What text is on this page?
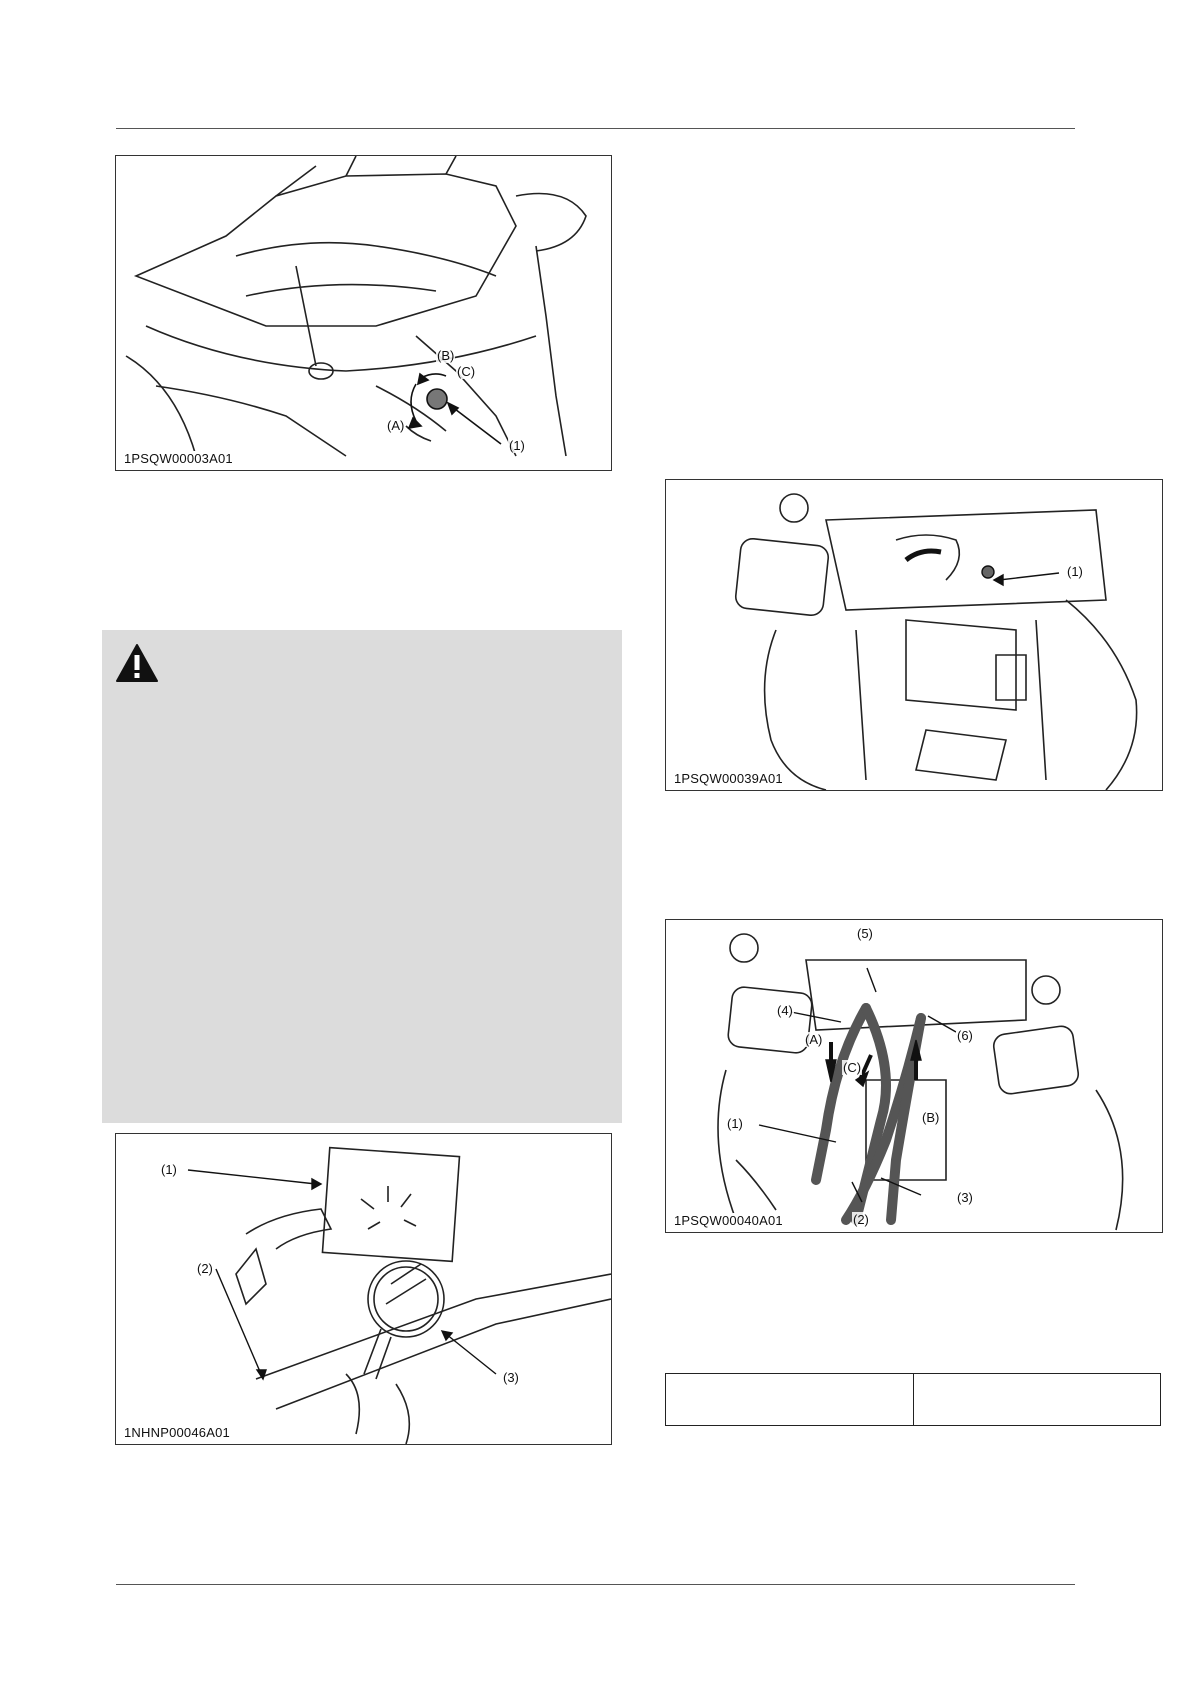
(B)
(C)
(A)
(1)
1PSQW00003A01
(1)
(2)
(3)
1NHNP00046A01
(1)
1PSQW00039A01
(5)
(4)
(6)
(A)
(C)
(B)
(1)
(3)
(2)
1PSQW00040A01
